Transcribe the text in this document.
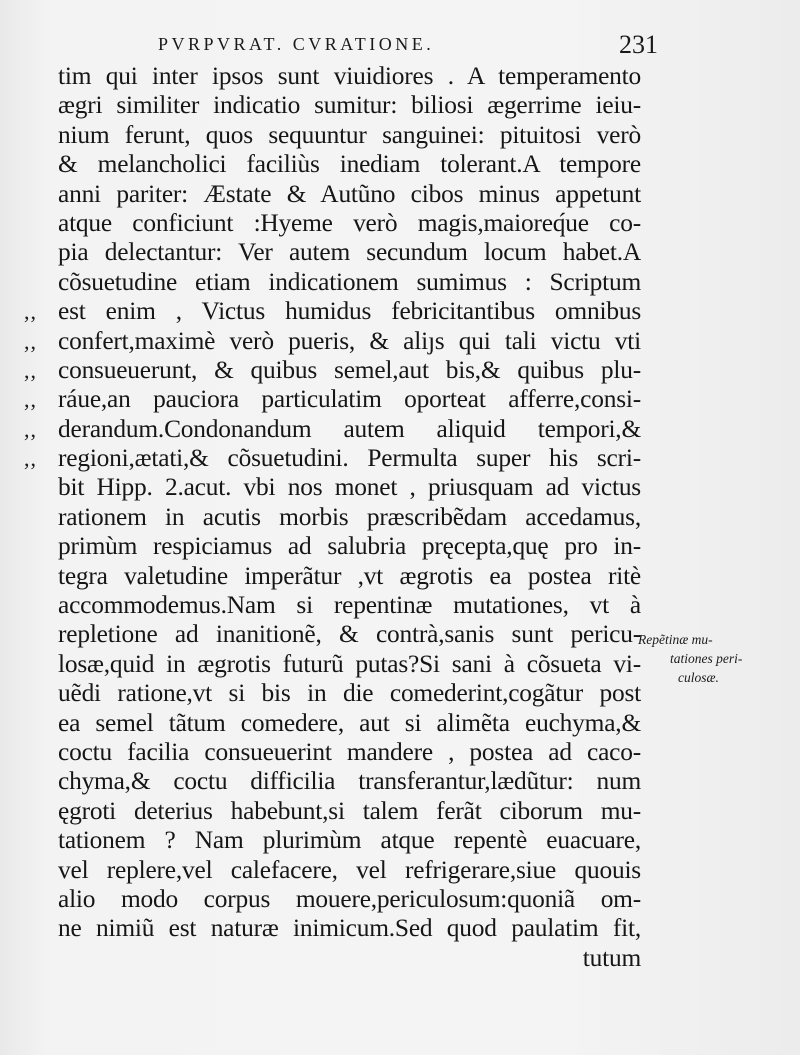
PVRPVRAT. CVRATIONE.	231
tim qui inter ipsos sunt viuidiores . A temperamento
ægri similiter indicatio sumitur: biliosi ægerrime ieiu-
nium ferunt, quos sequuntur sanguinei: pituitosi verò
& melancholici faciliùs inediam tolerant.A tempore
anni pariter: Æstate & Autũno cibos minus appetunt
atque conficiunt :Hyeme verò magis,maioreq́ue co-
pia delectantur: Ver autem secundum locum habet.A
cõsuetudine etiam indicationem sumimus : Scriptum
,, est enim , Victus humidus febricitantibus omnibus
,, confert,maximè verò pueris, & aliȷs qui tali victu vti
,, consueuerunt, & quibus semel,aut bis,& quibus plu-
,, ráue,an pauciora particulatim oporteat afferre,consi-
,, derandum.Condonandum autem aliquid tempori,&
,, regioni,ætati,& cõsuetudini. Permulta super his scri-
bit Hipp. 2.acut. vbi nos monet , priusquam ad victus
rationem in acutis morbis præscribẽdam accedamus,
primùm respiciamus ad salubria pręcepta,quę pro in-
tegra valetudine imperãtur ,vt ægrotis ea postea ritè
accommodemus.Nam si repentinæ mutationes, vt à
repletione ad inanitionẽ, & contrà,sanis sunt pericu-
losæ,quid in ægrotis futurũ putas?Si sani à cõsueta vi-
uẽdi ratione,vt si bis in die comederint,cogãtur post
ea semel tãtum comedere, aut si alimẽta euchyma,&
coctu facilia consueuerint mandere , postea ad caco-
chyma,& coctu difficilia transferantur,lædũtur: num
ęgroti deterius habebunt,si talem ferãt ciborum mu-
tationem ? Nam plurimùm atque repentè euacuare,
vel replere,vel calefacere, vel refrigerare,siue quouis
alio modo corpus mouere,periculosum:quoniã om-
ne nimiũ est naturæ inimicum.Sed quod paulatim fit,
tutum
Repẽtinæ mu-
tationes peri-
culosæ.
